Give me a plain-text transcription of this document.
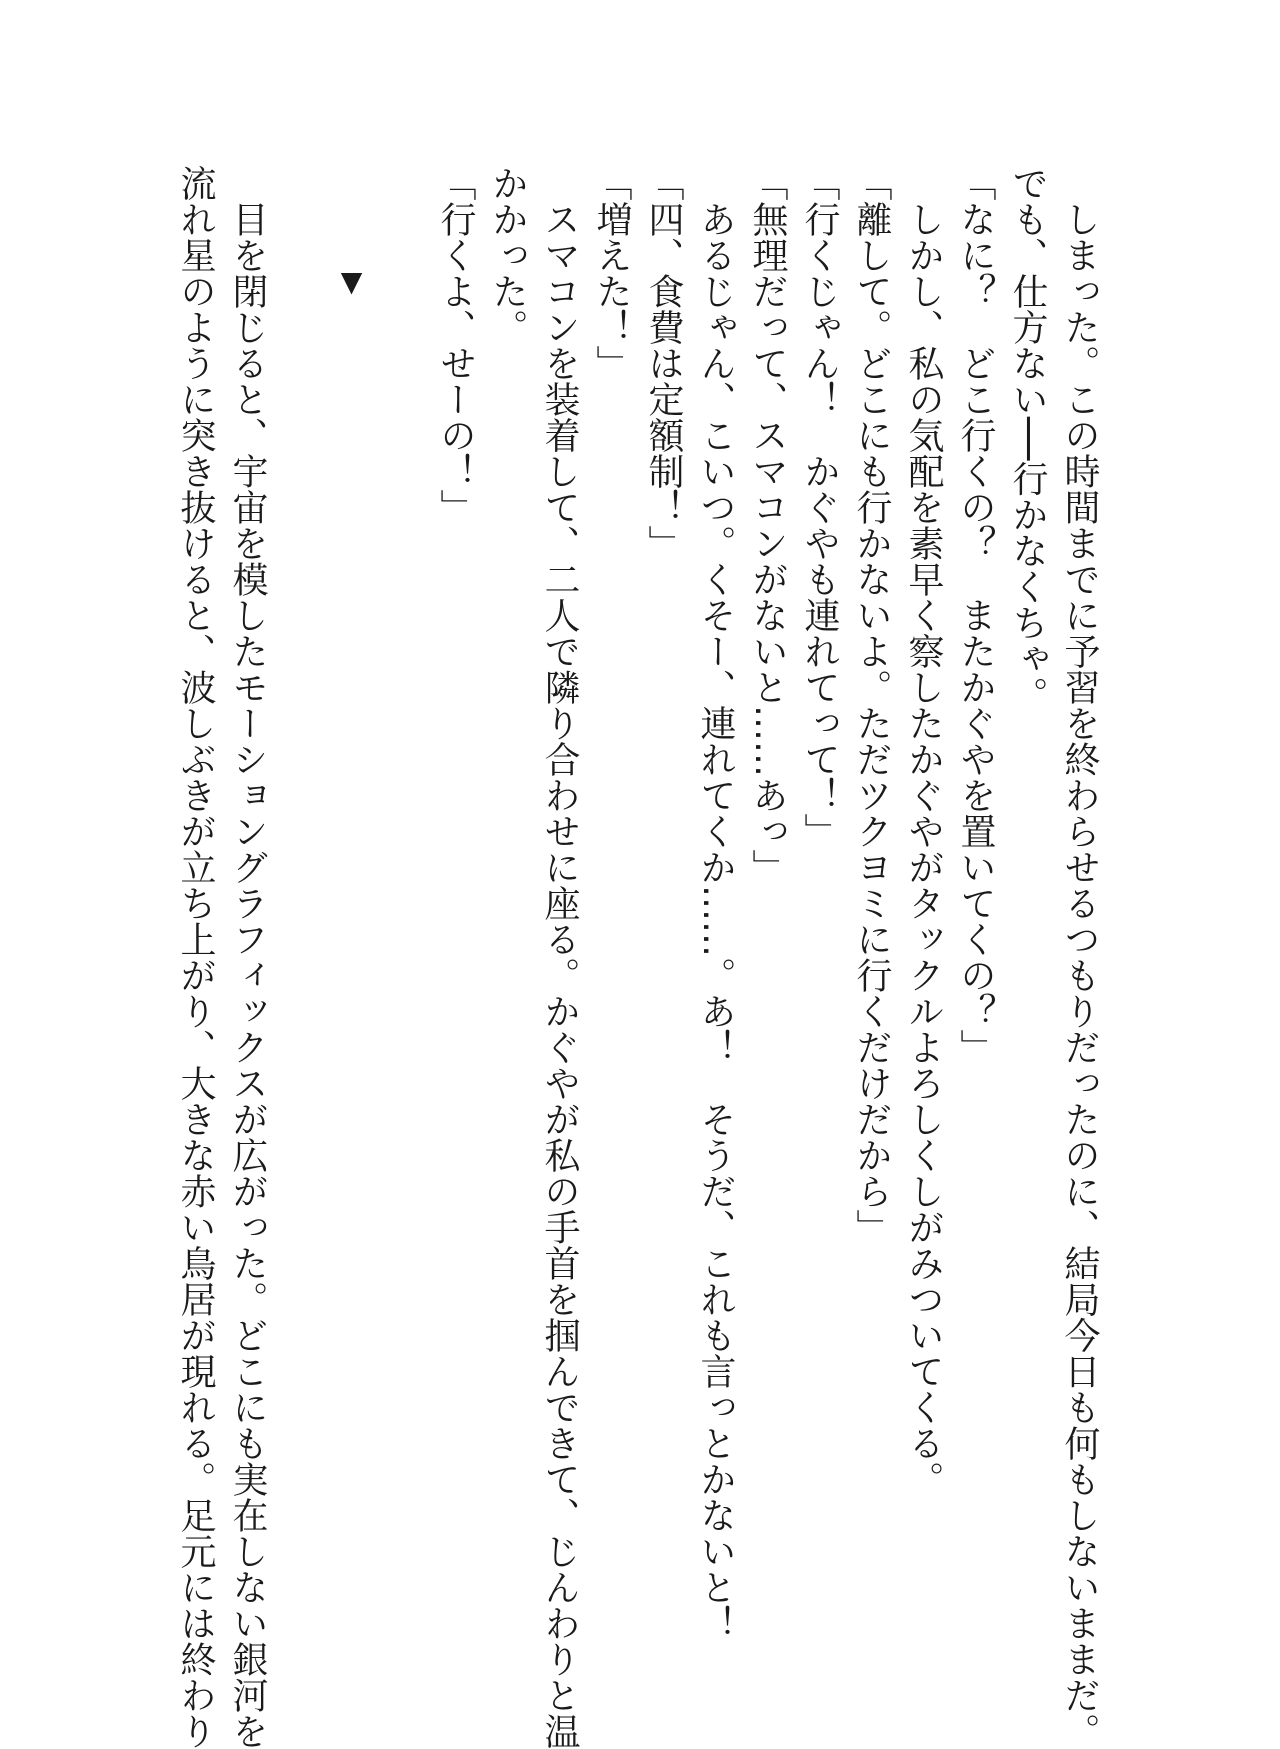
しまった。この時間までに予習を終わらせるつもりだったのに、結局今日も何もしないままだ。
でも、仕方ない──行かなくちゃ。
「なに？　どこ行くの？　またかぐやを置いてくの？」
しかし、私の気配を素早く察したかぐやがタックルよろしくしがみついてくる。
「離して。どこにも行かないよ。ただツクヨミに行くだけだから」
「行くじゃん！　かぐやも連れてって！」
「無理だって、スマコンがないと……あっ」
あるじゃん、こいつ。くそー、連れてくか……。あ！　そうだ、これも言っとかないと！
「四、食費は定額制！」
「増えた！」
スマコンを装着して、二人で隣り合わせに座る。かぐやが私の手首を掴んできて、じんわりと温
かかった。
「行くよ、せーの！」
▼
目を閉じると、宇宙を模したモーショングラフィックスが広がった。どこにも実在しない銀河を
流れ星のように突き抜けると、波しぶきが立ち上がり、大きな赤い鳥居が現れる。足元には終わり
